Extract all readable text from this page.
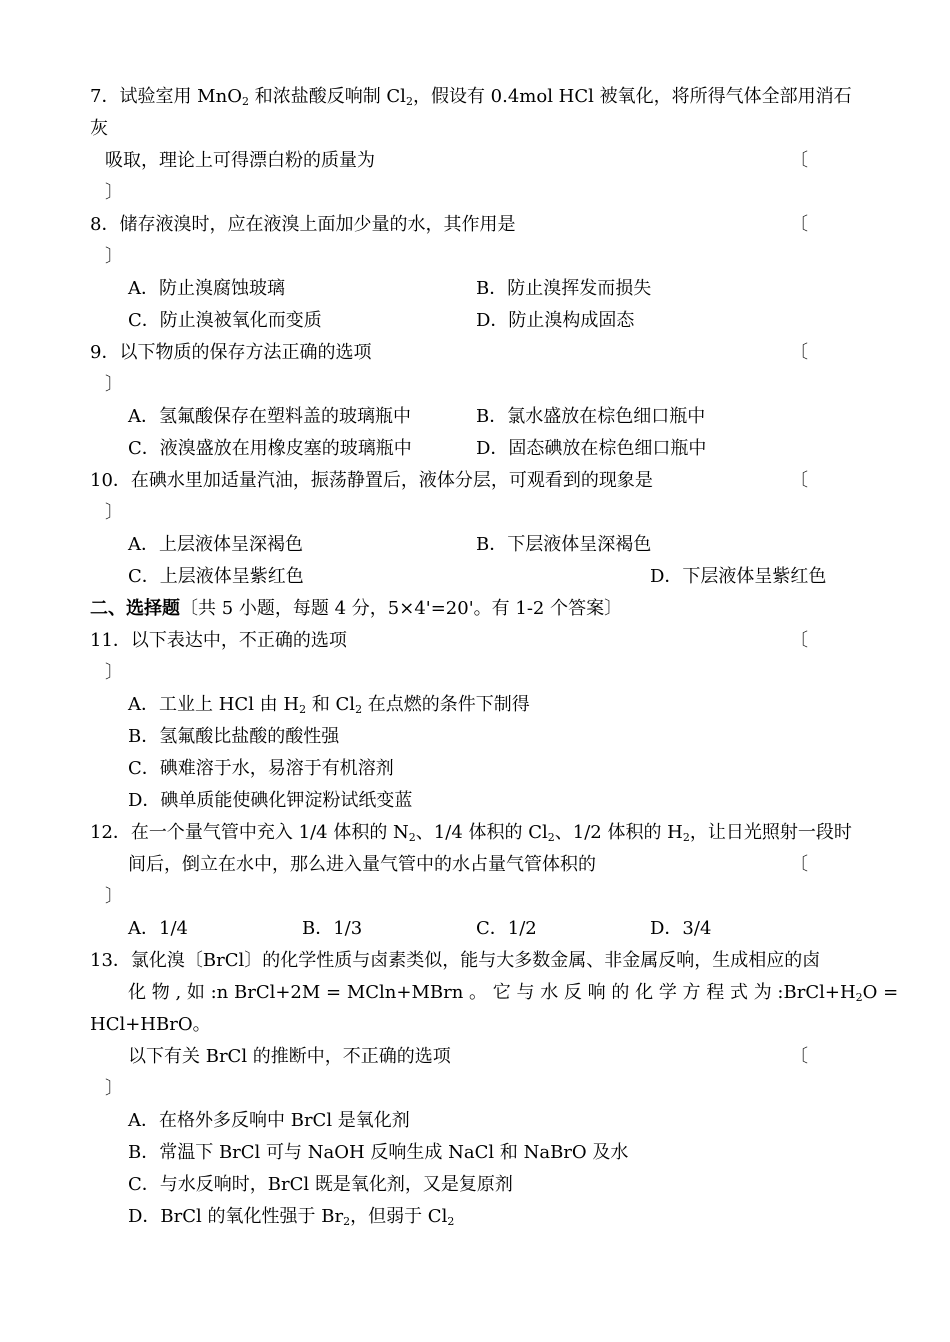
7．试验室用 MnO$_2$ 和浓盐酸反响制 $Cl_2$，假设有 0.4mol HCl 被氧化，将所得气体全部用消石
灰
吸取，理论上可得漂白粉的质量为	〔
〕
8．储存液溴时，应在液溴上面加少量的水，其作用是	〔
〕
A．防止溴腐蚀玻璃	B．防止溴挥发而损失
C．防止溴被氧化而变质	D．防止溴构成固态
9．以下物质的保存方法正确的选项	〔
〕
A．氢氟酸保存在塑料盖的玻璃瓶中	B．氯水盛放在棕色细口瓶中
C．液溴盛放在用橡皮塞的玻璃瓶中	D．固态碘放在棕色细口瓶中
10．在碘水里加适量汽油，振荡静置后，液体分层，可观看到的现象是	〔
〕
A．上层液体呈深褐色	B．下层液体呈深褐色
C．上层液体呈紫红色	D．下层液体呈紫红色
二、选择题〔共 5 小题，每题 4 分，5×4'=20'。有 1-2 个答案〕
11．以下表达中，不正确的选项	〔
〕
A．工业上 HCl 由 $H_2$ 和 $Cl_2$ 在点燃的条件下制得
B．氢氟酸比盐酸的酸性强
C．碘难溶于水，易溶于有机溶剂
D．碘单质能使碘化钾淀粉试纸变蓝
12．在一个量气管中充入 1/4 体积的 $N_2$、1/4 体积的 $Cl_2$、1/2 体积的 $H_2$，让日光照射一段时
间后，倒立在水中，那么进入量气管中的水占量气管体积的	〔
〕
A．1/4	B．1/3	C．1/2	D．3/4
13．氯化溴〔BrCl〕的化学性质与卤素类似，能与大多数金属、非金属反响，生成相应的卤
化 物 , 如 :n BrCl+2M = MCln+MBrn 。 它 与 水 反 响 的 化 学 方 程 式 为 $:BrCl+H_2O$ =
HCl+HBrO。
以下有关 BrCl 的推断中，不正确的选项	〔
〕
A．在格外多反响中 BrCl 是氧化剂
B．常温下 BrCl 可与 NaOH 反响生成 NaCl 和 NaBrO 及水
C．与水反响时，BrCl 既是氧化剂，又是复原剂
D．BrCl 的氧化性强于 $Br_2$，但弱于 $Cl_2$
